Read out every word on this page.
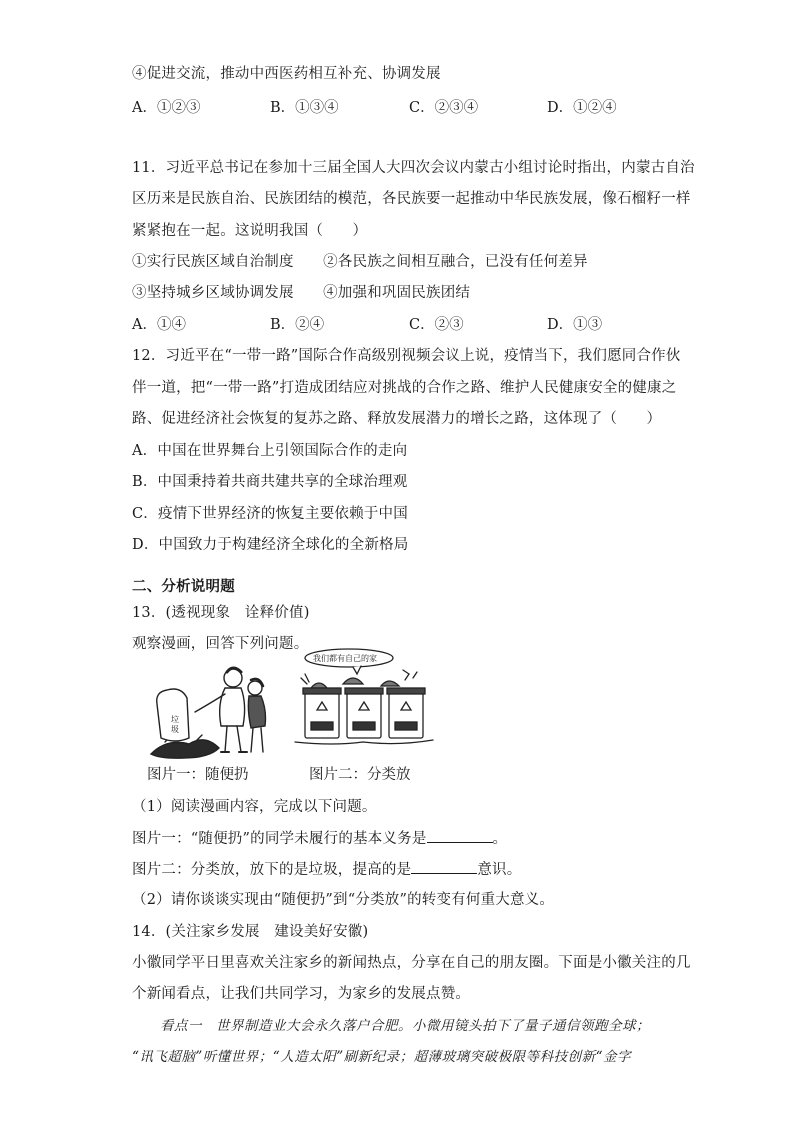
④促进交流，推动中西医药相互补充、协调发展
A．①②③	B．①③④	C．②③④	D．①②④
11．习近平总书记在参加十三届全国人大四次会议内蒙古小组讨论时指出，内蒙古自治
区历来是民族自治、民族团结的模范，各民族要一起推动中华民族发展，像石榴籽一样
紧紧抱在一起。这说明我国（　　）
①实行民族区域自治制度　　②各民族之间相互融合，已没有任何差异
③坚持城乡区域协调发展　　④加强和巩固民族团结
A．①④	B．②④	C．②③	D．①③
12．习近平在“一带一路”国际合作高级别视频会议上说，疫情当下，我们愿同合作伙
伴一道，把“一带一路”打造成团结应对挑战的合作之路、维护人民健康安全的健康之
路、促进经济社会恢复的复苏之路、释放发展潜力的增长之路，这体现了（　　）
A．中国在世界舞台上引领国际合作的走向
B．中国秉持着共商共建共享的全球治理观
C．疫情下世界经济的恢复主要依赖于中国
D．中国致力于构建经济全球化的全新格局
二、分析说明题
13．(透视现象　诠释价值)
观察漫画，回答下列问题。
垃
圾
我们都有自己的家
图片一：随便扔	图片二：分类放
（1）阅读漫画内容，完成以下问题。
图片一：“随便扔”的同学未履行的基本义务是	。
图片二：分类放，放下的是垃圾，提高的是	意识。
（2）请你谈谈实现由“随便扔”到“分类放”的转变有何重大意义。
14．(关注家乡发展　建设美好安徽)
小徽同学平日里喜欢关注家乡的新闻热点，分享在自己的朋友圈。下面是小徽关注的几
个新闻看点，让我们共同学习，为家乡的发展点赞。
　　看点一　世界制造业大会永久落户合肥。小微用镜头拍下了量子通信领跑全球；
“讯飞超脑”听懂世界；“人造太阳”刷新纪录；超薄玻璃突破极限等科技创新“金字
